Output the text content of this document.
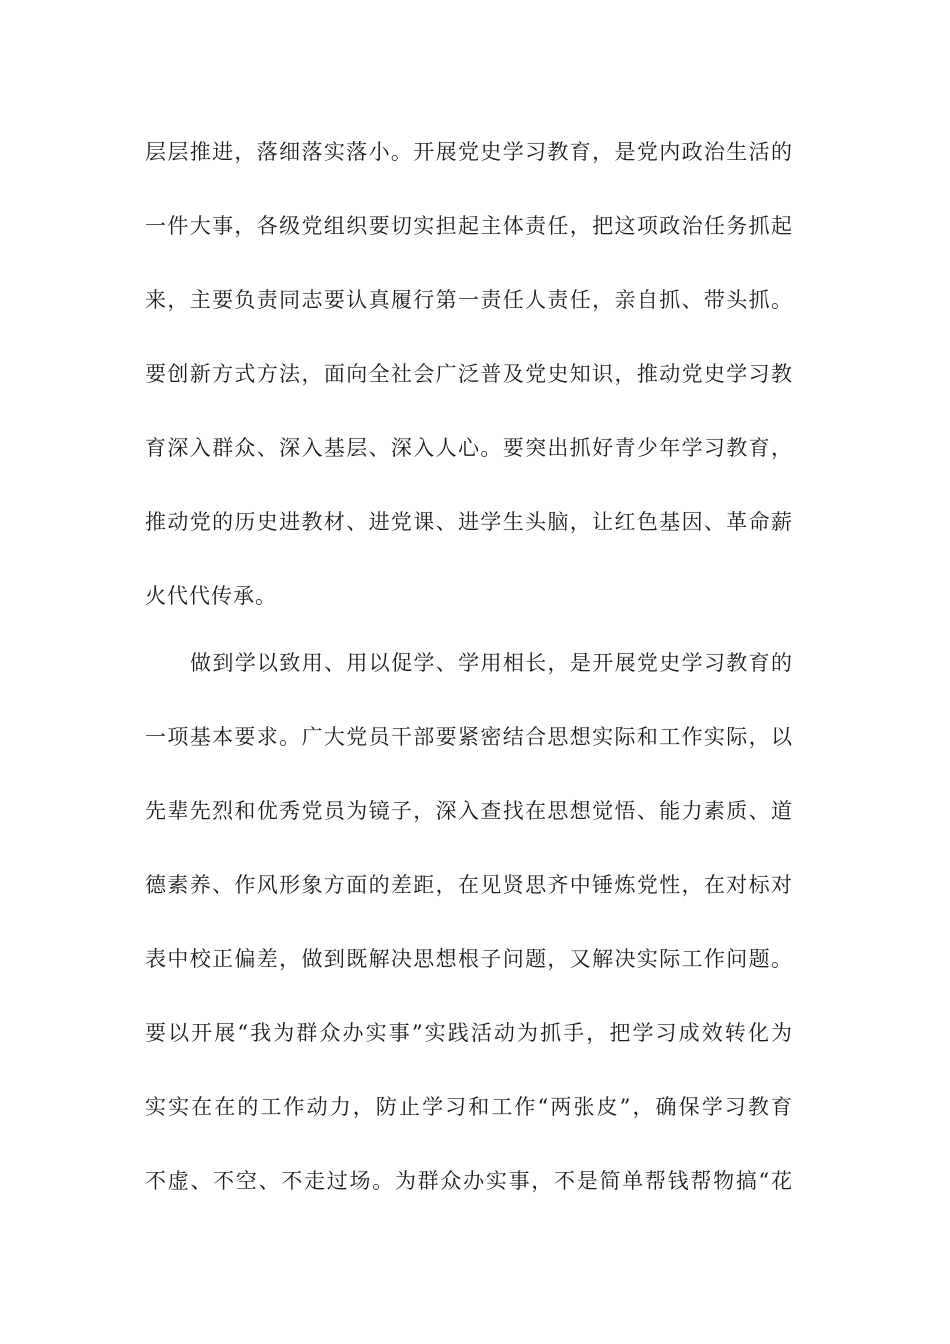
层层推进，落细落实落小。开展党史学习教育，是党内政治生活的
一件大事，各级党组织要切实担起主体责任，把这项政治任务抓起
来，主要负责同志要认真履行第一责任人责任，亲自抓、带头抓。
要创新方式方法，面向全社会广泛普及党史知识，推动党史学习教
育深入群众、深入基层、深入人心。要突出抓好青少年学习教育，
推动党的历史进教材、进党课、进学生头脑，让红色基因、革命薪
火代代传承。
做到学以致用、用以促学、学用相长，是开展党史学习教育的
一项基本要求。广大党员干部要紧密结合思想实际和工作实际，以
先辈先烈和优秀党员为镜子，深入查找在思想觉悟、能力素质、道
德素养、作风形象方面的差距，在见贤思齐中锤炼党性，在对标对
表中校正偏差，做到既解决思想根子问题，又解决实际工作问题。
要以开展“我为群众办实事”实践活动为抓手，把学习成效转化为
实实在在的工作动力，防止学习和工作“两张皮”，确保学习教育
不虚、不空、不走过场。为群众办实事，不是简单帮钱帮物搞“花
